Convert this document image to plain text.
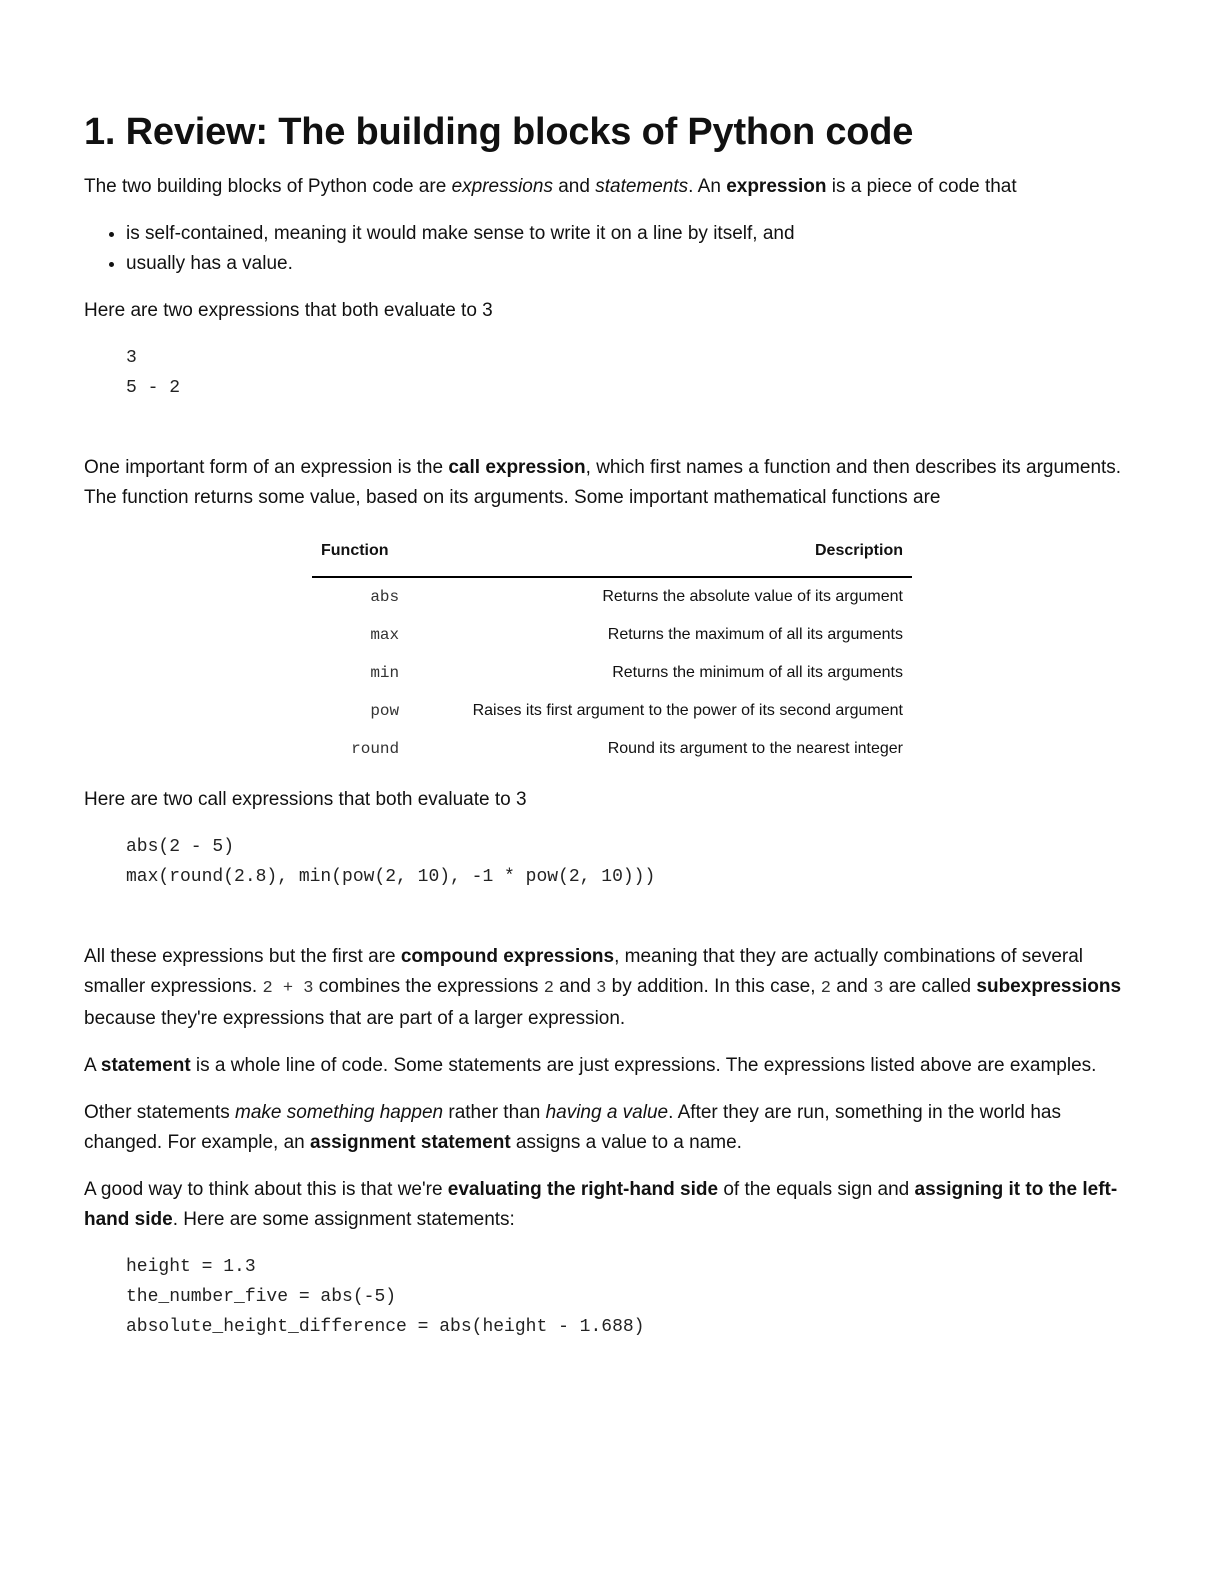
1. Review: The building blocks of Python code

The two building blocks of Python code are expressions and statements. An expression is a piece of code that

• is self-contained, meaning it would make sense to write it on a line by itself, and
• usually has a value.

Here are two expressions that both evaluate to 3

3
5 - 2

One important form of an expression is the call expression, which first names a function and then describes its arguments. The function returns some value, based on its arguments. Some important mathematical functions are

Function	Description
abs	Returns the absolute value of its argument
max	Returns the maximum of all its arguments
min	Returns the minimum of all its arguments
pow	Raises its first argument to the power of its second argument
round	Round its argument to the nearest integer

Here are two call expressions that both evaluate to 3

abs(2 - 5)
max(round(2.8), min(pow(2, 10), -1 * pow(2, 10)))

All these expressions but the first are compound expressions, meaning that they are actually combinations of several smaller expressions. 2 + 3 combines the expressions 2 and 3 by addition. In this case, 2 and 3 are called subexpressions because they're expressions that are part of a larger expression.

A statement is a whole line of code. Some statements are just expressions. The expressions listed above are examples.

Other statements make something happen rather than having a value. After they are run, something in the world has changed. For example, an assignment statement assigns a value to a name.

A good way to think about this is that we're evaluating the right-hand side of the equals sign and assigning it to the left-hand side. Here are some assignment statements:

height = 1.3
the_number_five = abs(-5)
absolute_height_difference = abs(height - 1.688)
